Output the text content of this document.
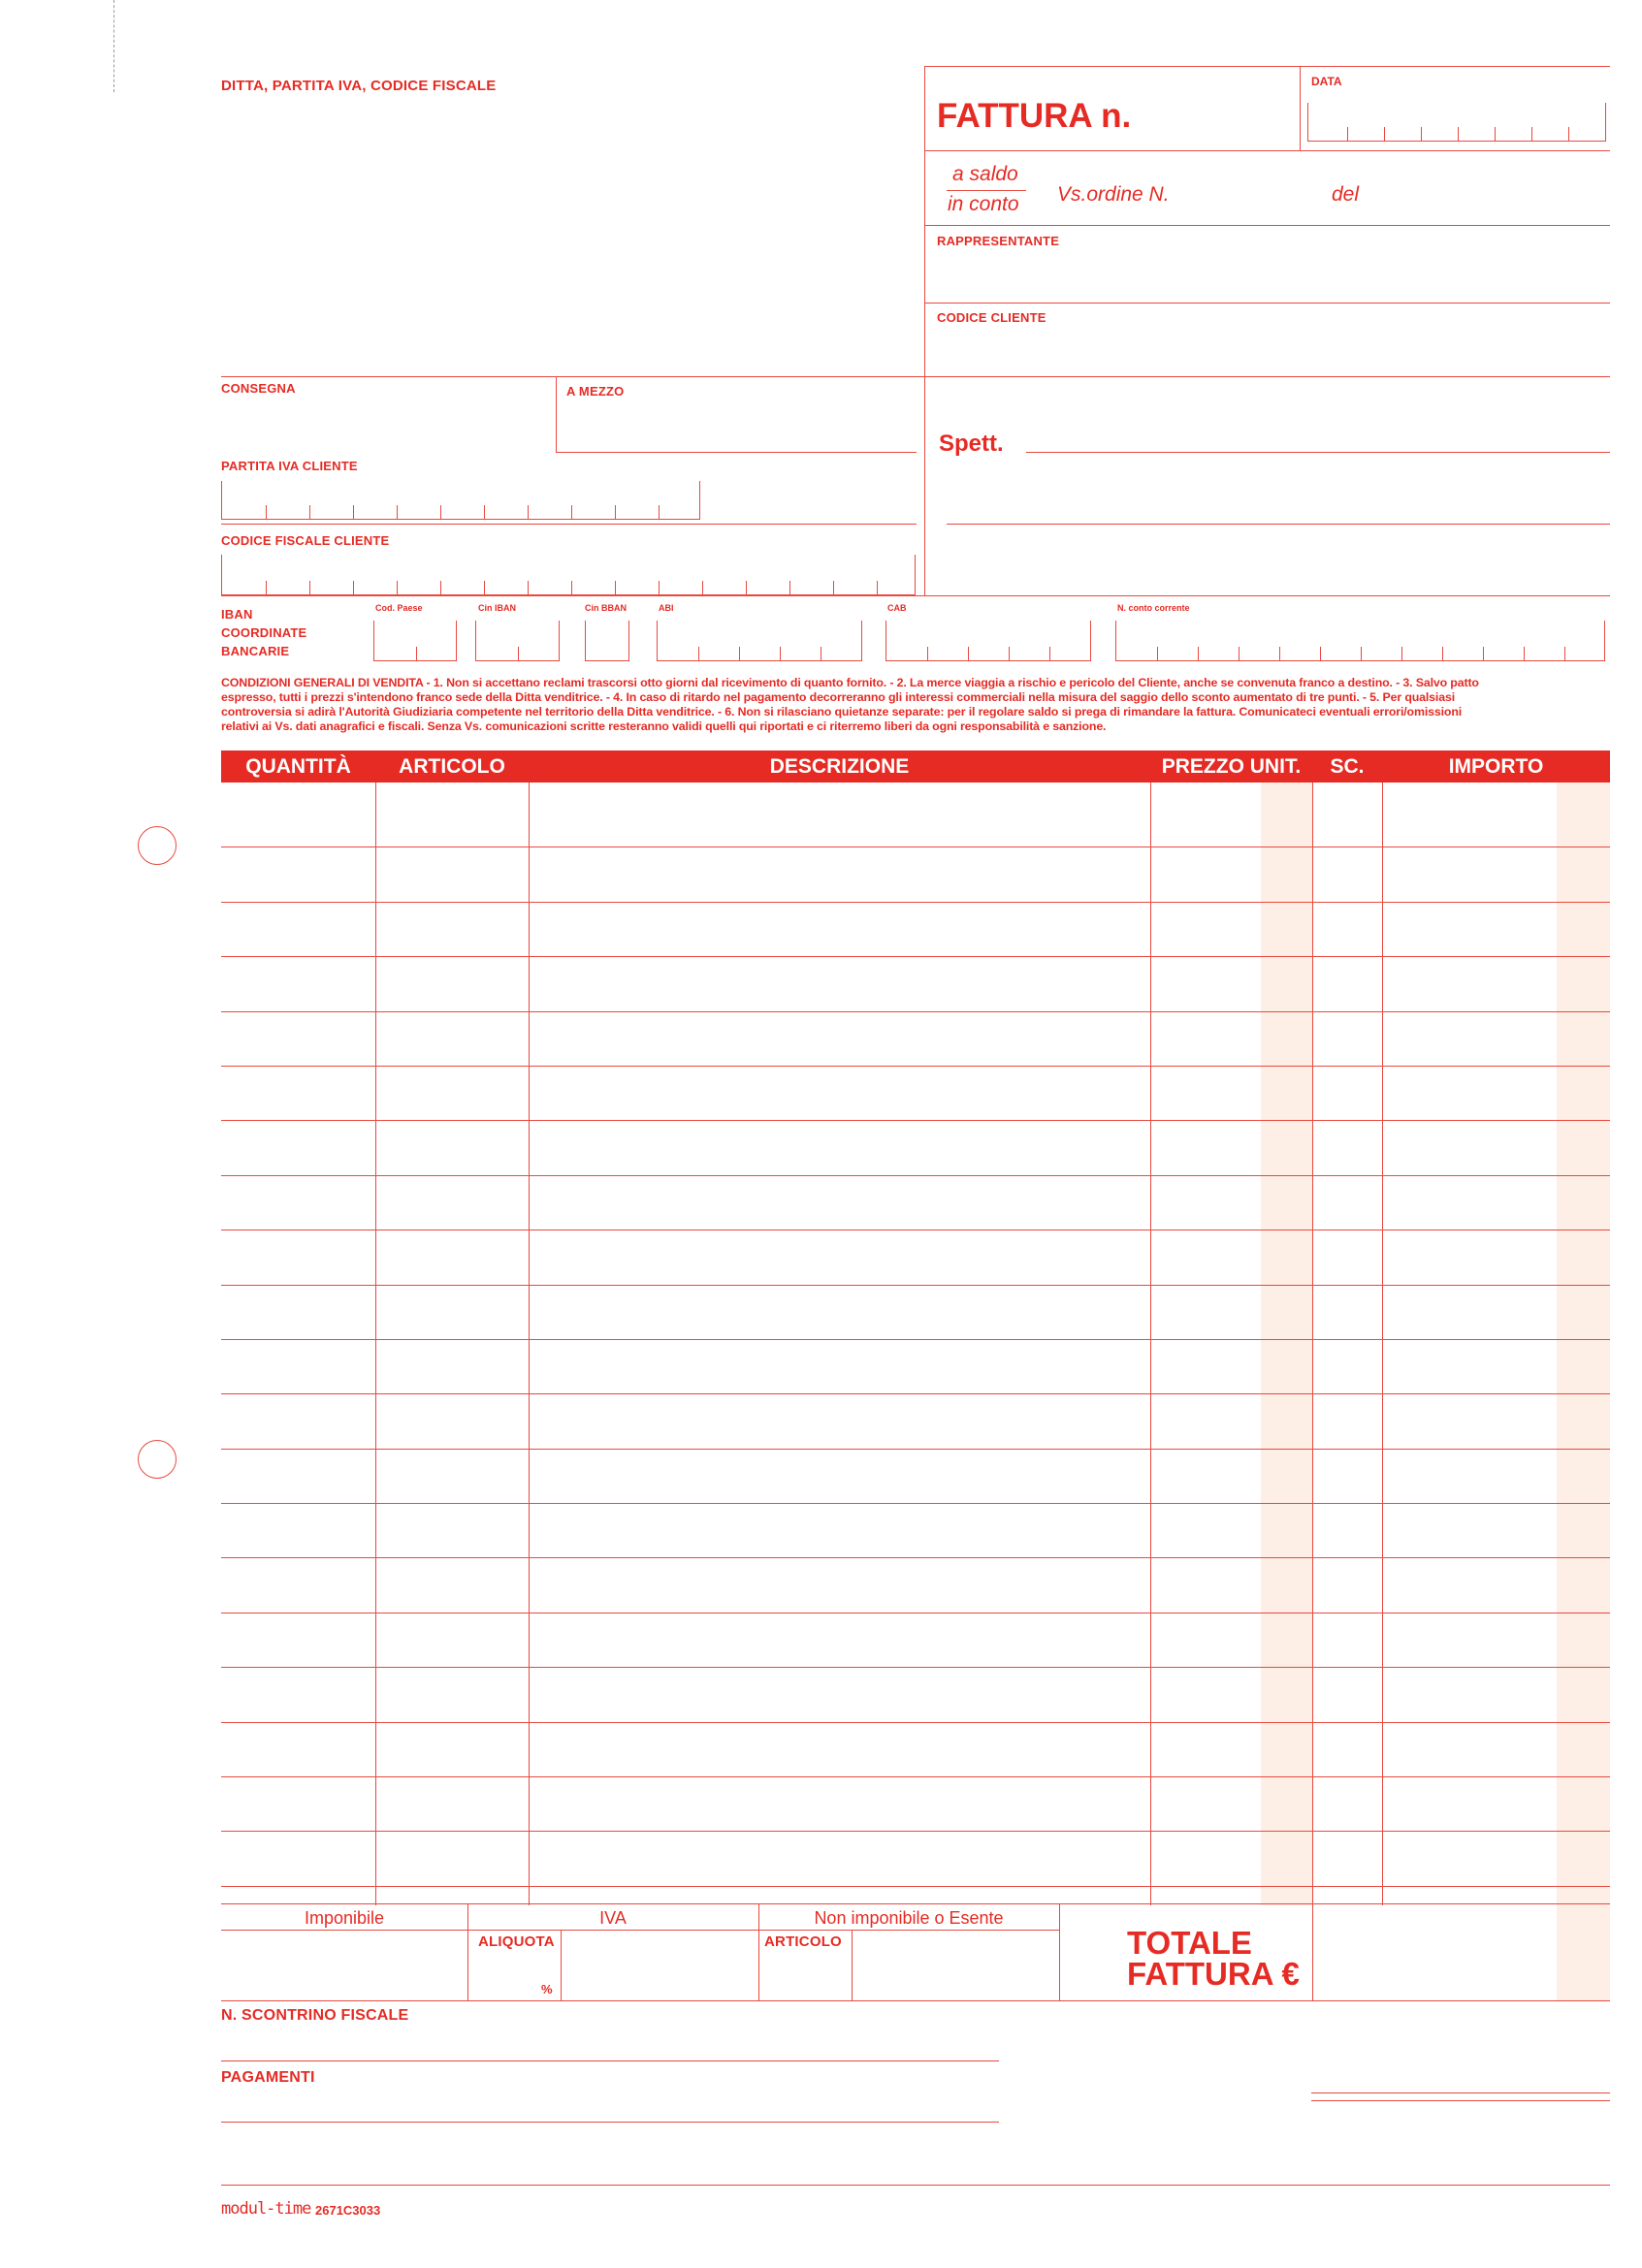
DITTA, PARTITA IVA, CODICE FISCALE
FATTURA n.
DATA
a saldo
in conto Vs.ordine N.	del
RAPPRESENTANTE
CODICE CLIENTE
CONSEGNA	A MEZZO
Spett.
PARTITA IVA CLIENTE
CODICE FISCALE CLIENTE
IBAN
COORDINATE
BANCARIE
Cod. Paese	Cin IBAN	Cin BBAN	ABI	CAB	N. conto corrente
CONDIZIONI GENERALI DI VENDITA - 1. Non si accettano reclami trascorsi otto giorni dal ricevimento di quanto fornito. - 2. La merce viaggia a rischio e pericolo del Cliente, anche se convenuta franco a destino. - 3. Salvo patto
espresso, tutti i prezzi s'intendono franco sede della Ditta venditrice. - 4. In caso di ritardo nel pagamento decorreranno gli interessi commerciali nella misura del saggio dello sconto aumentato di tre punti. - 5. Per qualsiasi
controversia si adirà l'Autorità Giudiziaria competente nel territorio della Ditta venditrice. - 6. Non si rilasciano quietanze separate: per il regolare saldo si prega di rimandare la fattura. Comunicateci eventuali errori/omissioni
relativi ai Vs. dati anagrafici e fiscali. Senza Vs. comunicazioni scritte resteranno validi quelli qui riportati e ci riterremo liberi da ogni responsabilità e sanzione.
QUANTITÀ	ARTICOLO	DESCRIZIONE	PREZZO UNIT.	SC.	IMPORTO
Imponibile	IVA	Non imponibile o Esente
ALIQUOTA
%
ARTICOLO	TOTALE
FATTURA €
N. SCONTRINO FISCALE
PAGAMENTI
modul-time 2671C3033
